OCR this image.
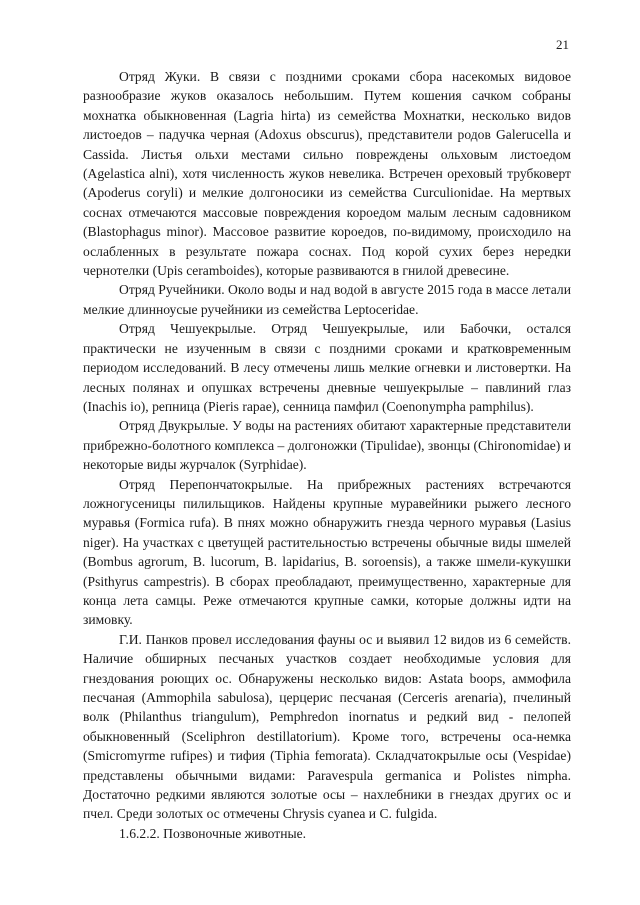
21

Отряд Жуки. В связи с поздними сроками сбора насекомых видовое разнообразие жуков оказалось небольшим. Путем кошения сачком собраны мохнатка обыкновенная (Lagria hirta) из семейства Мохнатки, несколько видов листоедов – падучка черная (Adoxus obscurus), представители родов Galerucella и Cassida. Листья ольхи местами сильно повреждены ольховым листоедом (Agelastica alni), хотя численность жуков невелика. Встречен ореховый трубковерт (Apoderus coryli) и мелкие долгоносики из семейства Curculionidae. На мертвых соснах отмечаются массовые повреждения короедом малым лесным садовником (Blastophagus minor). Массовое развитие короедов, по-видимому, происходило на ослабленных в результате пожара соснах. Под корой сухих берез нередки чернотелки (Upis ceramboides), которые развиваются в гнилой древесине.

Отряд Ручейники. Около воды и над водой в августе 2015 года в массе летали мелкие длинноусые ручейники из семейства Leptoceridae.

Отряд Чешуекрылые. Отряд Чешуекрылые, или Бабочки, остался практически не изученным в связи с поздними сроками и кратковременным периодом исследований. В лесу отмечены лишь мелкие огневки и листовертки. На лесных полянах и опушках встречены дневные чешуекрылые – павлиний глаз (Inachis io), репница (Pieris rapae), сенница памфил (Coenonympha pamphilus).

Отряд Двукрылые. У воды на растениях обитают характерные представители прибрежно-болотного комплекса – долгоножки (Tipulidae), звонцы (Chironomidae) и некоторые виды журчалок (Syrphidae).

Отряд Перепончатокрылые. На прибрежных растениях встречаются ложногусеницы пилильщиков. Найдены крупные муравейники рыжего лесного муравья (Formica rufa). В пнях можно обнаружить гнезда черного муравья (Lasius niger). На участках с цветущей растительностью встречены обычные виды шмелей (Bombus agrorum, B. lucorum, B. lapidarius, B. soroensis), а также шмели-кукушки (Psithyrus campestris). В сборах преобладают, преимущественно, характерные для конца лета самцы. Реже отмечаются крупные самки, которые должны идти на зимовку.

Г.И. Панков провел исследования фауны ос и выявил 12 видов из 6 семейств. Наличие обширных песчаных участков создает необходимые условия для гнездования роющих ос. Обнаружены несколько видов: Astata boops, аммофила песчаная (Ammophila sabulosa), церцерис песчаная (Cerceris arenaria), пчелиный волк (Philanthus triangulum), Pemphredon inornatus и редкий вид - пелопей обыкновенный (Sceliphron destillatorium). Кроме того, встречены оса-немка (Smicromyrme rufipes) и тифия (Tiphia femorata). Складчатокрылые осы (Vespidae) представлены обычными видами: Paravespula germanica и Polistes nimpha. Достаточно редкими являются золотые осы – нахлебники в гнездах других ос и пчел. Среди золотых ос отмечены Chrysis cyanea и C. fulgida.

1.6.2.2. Позвоночные животные.
